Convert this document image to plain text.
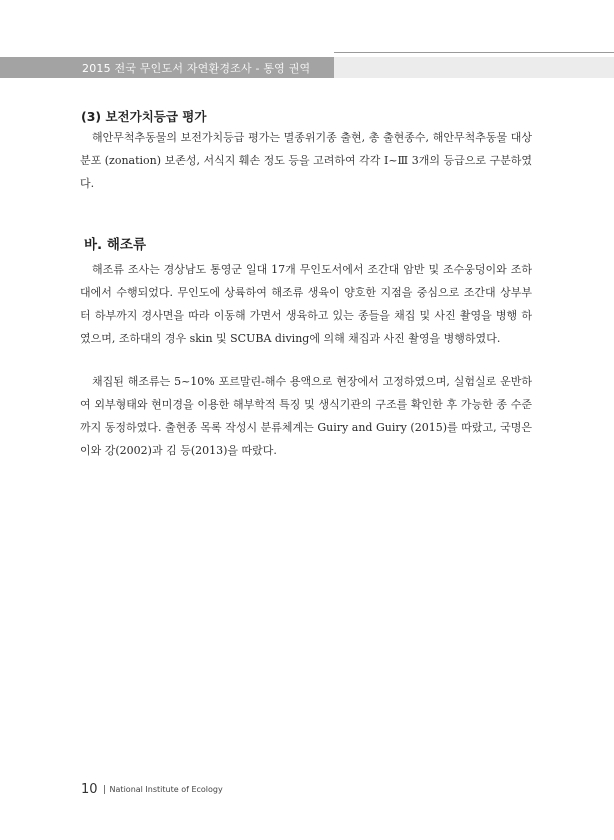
2015 전국 무인도서 자연환경조사 - 통영 권역
(3) 보전가치등급 평가

해안무척추동물의 보전가치등급 평가는 멸종위기종 출현, 총 출현종수, 해안무척추동물 대상분포 (zonation) 보존성, 서식지 훼손 정도 등을 고려하여 각각 Ⅰ~Ⅲ 3개의 등급으로 구분하였다.

바. 해조류

해조류 조사는 경상남도 통영군 일대 17개 무인도서에서 조간대 암반 및 조수웅덩이와 조하대에서 수행되었다. 무인도에 상륙하여 해조류 생육이 양호한 지점을 중심으로 조간대 상부부터 하부까지 경사면을 따라 이동해 가면서 생육하고 있는 종들을 채집 및 사진 촬영을 병행 하였으며, 조하대의 경우 skin 및 SCUBA diving에 의해 채집과 사진 촬영을 병행하였다.

채집된 해조류는 5~10% 포르말린-해수 용액으로 현장에서 고정하였으며, 실험실로 운반하여 외부형태와 현미경을 이용한 해부학적 특징 및 생식기관의 구조를 확인한 후 가능한 종 수준까지 동정하였다. 출현종 목록 작성시 분류체계는 Guiry and Guiry (2015)를 따랐고, 국명은 이와 강(2002)과 김 등(2013)을 따랐다.

10 National Institute of Ecology
